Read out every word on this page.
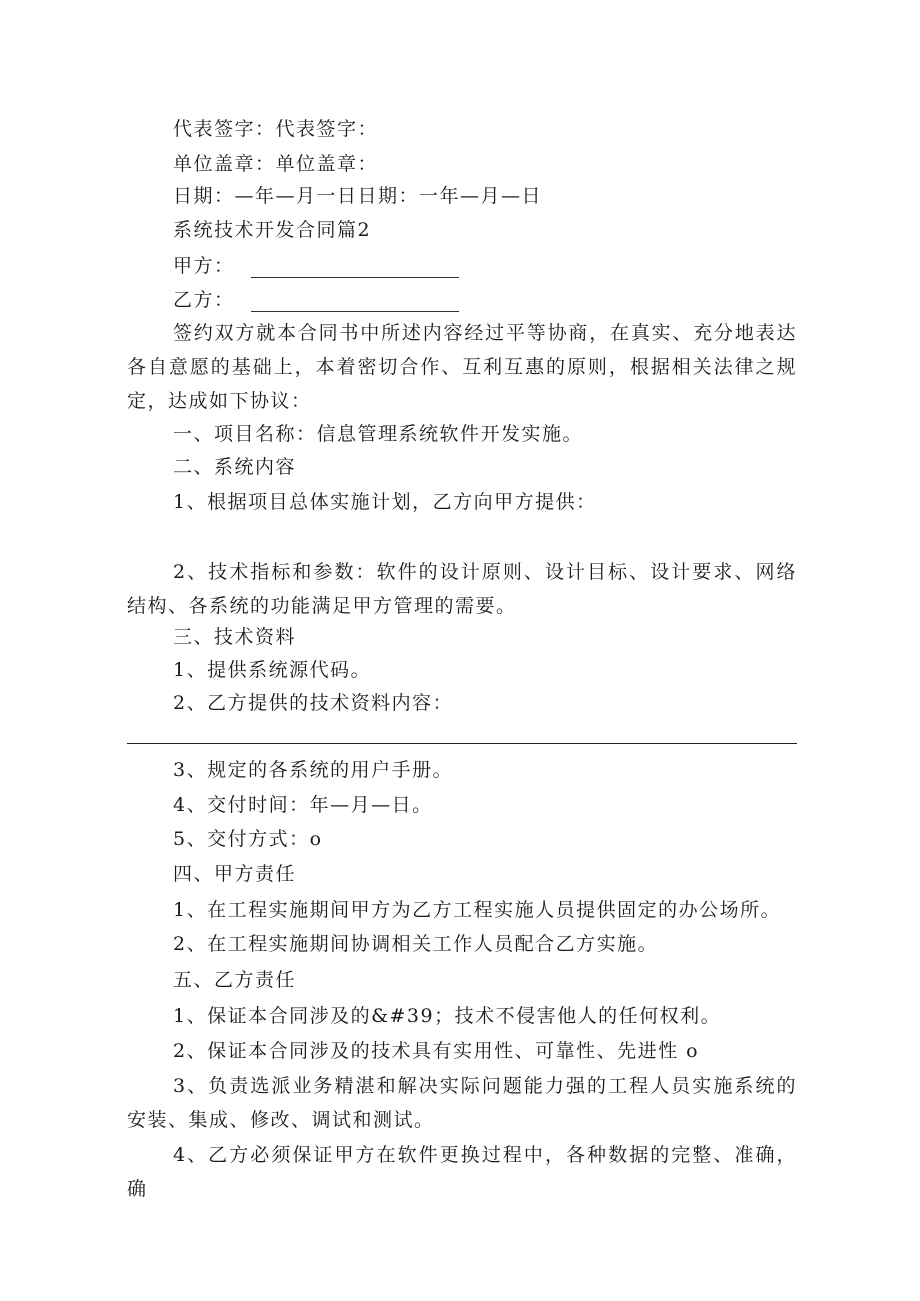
代表签字：代表签字：
单位盖章：单位盖章：
日期：—年—月一日日期：一年—月—日
系统技术开发合同篇2
甲方：
乙方：
签约双方就本合同书中所述内容经过平等协商，在真实、充分地表达各自意愿的基础上，本着密切合作、互利互惠的原则，根据相关法律之规定，达成如下协议：
一、项目名称：信息管理系统软件开发实施。
二、系统内容
1、根据项目总体实施计划，乙方向甲方提供：
2、技术指标和参数：软件的设计原则、设计目标、设计要求、网络结构、各系统的功能满足甲方管理的需要。
三、技术资料
1、提供系统源代码。
2、乙方提供的技术资料内容：
3、规定的各系统的用户手册。
4、交付时间：年—月—日。
5、交付方式：o
四、甲方责任
1、在工程实施期间甲方为乙方工程实施人员提供固定的办公场所。
2、在工程实施期间协调相关工作人员配合乙方实施。
五、乙方责任
1、保证本合同涉及的&#39；技术不侵害他人的任何权利。
2、保证本合同涉及的技术具有实用性、可靠性、先进性 o
3、负责选派业务精湛和解决实际问题能力强的工程人员实施系统的安装、集成、修改、调试和测试。
4、乙方必须保证甲方在软件更换过程中，各种数据的完整、准确，确
